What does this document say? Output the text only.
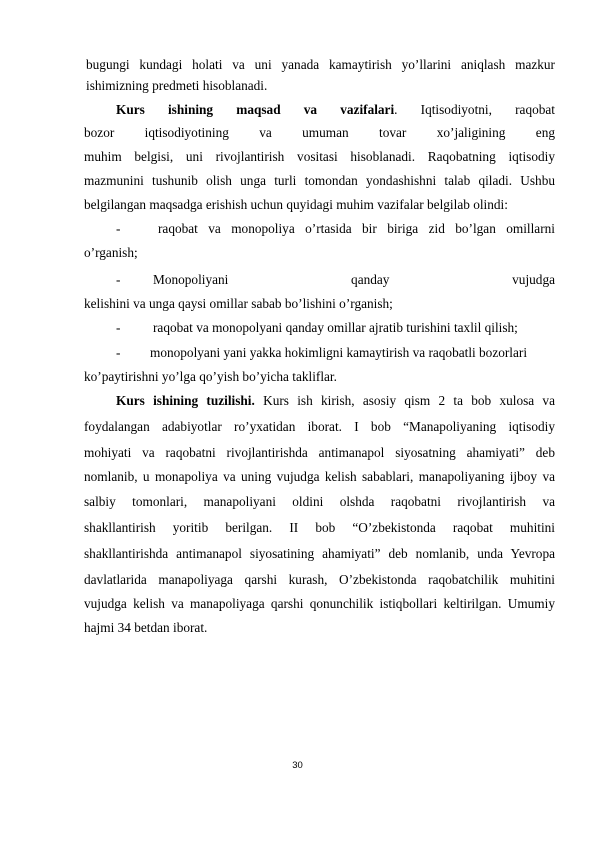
bugungi kundagi holati va uni yanada kamaytirish yo’llarini aniqlash mazkur
ishimizning predmeti hisoblanadi.
Kurs ishining maqsad va vazifalari. Iqtisodiyotni, raqobat
bozor iqtisodiyotining va umuman tovar xo’jaligining eng
muhim belgisi, uni rivojlantirish vositasi hisoblanadi. Raqobatning iqtisodiy
mazmunini tushunib olish unga turli tomondan yondashishni talab qiladi. Ushbu
belgilangan maqsadga erishish uchun quyidagi muhim vazifalar belgilab olindi:
-	raqobat va monopoliya o’rtasida bir biriga zid bo’lgan omillarni
o’rganish;
- Monopoliyani qanday vujudga
kelishini va unga qaysi omillar sabab bo’lishini o’rganish;
- raqobat va monopolyani qanday omillar ajratib turishini taxlil qilish;
- monopolyani yani yakka hokimligni kamaytirish va raqobatli bozorlari
ko’paytirishni yo’lga qo’yish bo’yicha takliflar.
Kurs ishining tuzilishi. Kurs ish kirish, asosiy qism 2 ta bob xulosa va
foydalangan adabiyotlar ro’yxatidan iborat. I bob “Manapoliyaning iqtisodiy
mohiyati va raqobatni rivojlantirishda antimanapol siyosatning ahamiyati” deb
nomlanib, u monapoliya va uning vujudga kelish sabablari, manapoliyaning ijboy va
salbiy tomonlari, manapoliyani oldini olshda raqobatni rivojlantirish va
shakllantirish yoritib berilgan. II bob “O’zbekistonda raqobat muhitini
shakllantirishda antimanapol siyosatining ahamiyati” deb nomlanib, unda Yevropa
davlatlarida manapoliyaga qarshi kurash, O’zbekistonda raqobatchilik muhitini
vujudga kelish va manapoliyaga qarshi qonunchilik istiqbollari keltirilgan. Umumiy
hajmi 34 betdan iborat.
30
